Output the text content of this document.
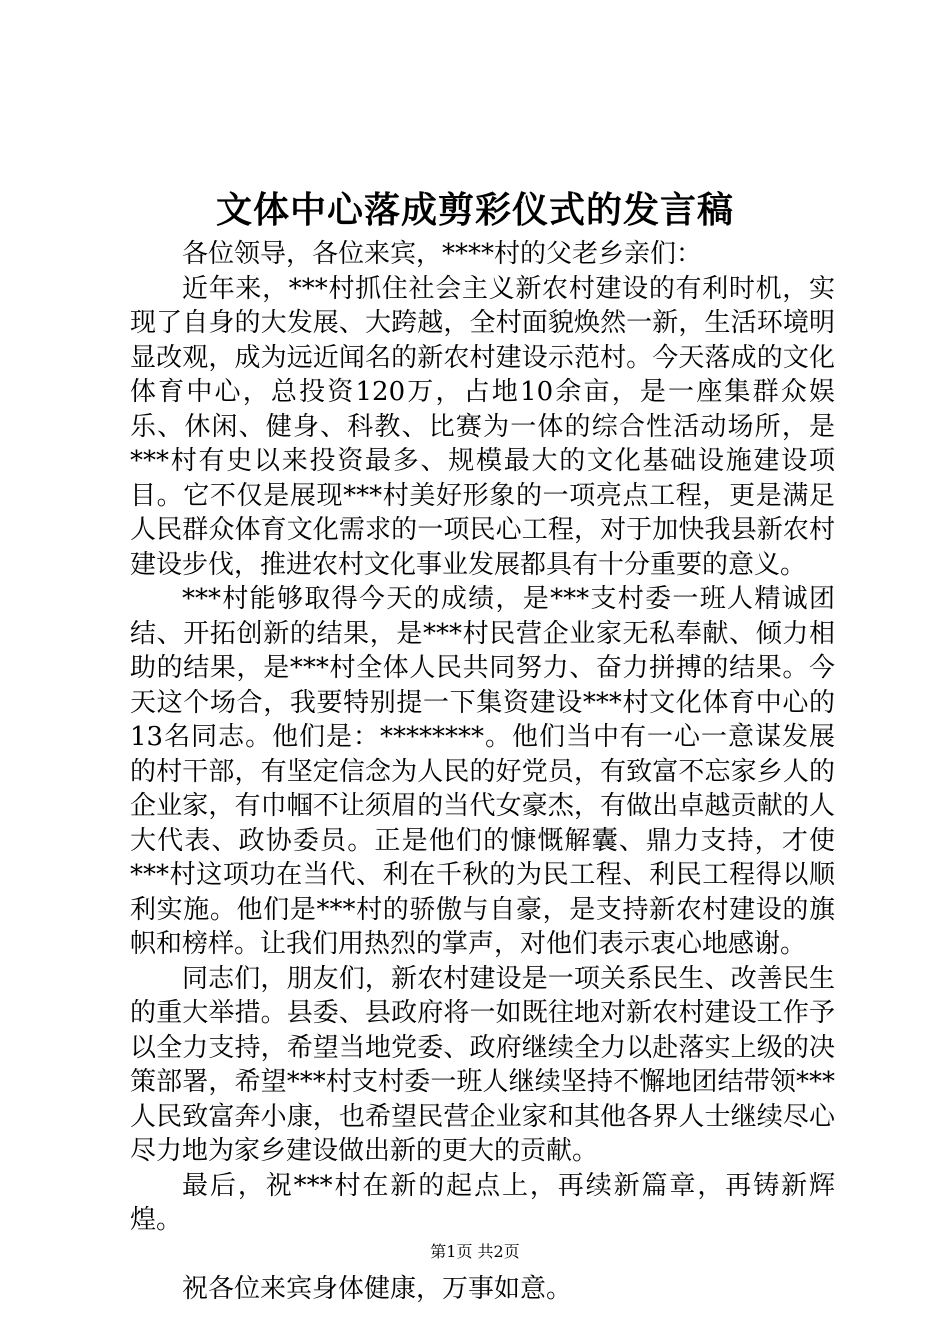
文体中心落成剪彩仪式的发言稿

各位领导，各位来宾，****村的父老乡亲们：

近年来，***村抓住社会主义新农村建设的有利时机，实现了自身的大发展、大跨越，全村面貌焕然一新，生活环境明显改观，成为远近闻名的新农村建设示范村。今天落成的文化体育中心，总投资120万，占地10余亩，是一座集群众娱乐、休闲、健身、科教、比赛为一体的综合性活动场所，是***村有史以来投资最多、规模最大的文化基础设施建设项目。它不仅是展现***村美好形象的一项亮点工程，更是满足人民群众体育文化需求的一项民心工程，对于加快我县新农村建设步伐，推进农村文化事业发展都具有十分重要的意义。

***村能够取得今天的成绩，是***支村委一班人精诚团结、开拓创新的结果，是***村民营企业家无私奉献、倾力相助的结果，是***村全体人民共同努力、奋力拼搏的结果。今天这个场合，我要特别提一下集资建设***村文化体育中心的13名同志。他们是：********。他们当中有一心一意谋发展的村干部，有坚定信念为人民的好党员，有致富不忘家乡人的企业家，有巾帼不让须眉的当代女豪杰，有做出卓越贡献的人大代表、政协委员。正是他们的慷慨解囊、鼎力支持，才使***村这项功在当代、利在千秋的为民工程、利民工程得以顺利实施。他们是***村的骄傲与自豪，是支持新农村建设的旗帜和榜样。让我们用热烈的掌声，对他们表示衷心地感谢。

同志们，朋友们，新农村建设是一项关系民生、改善民生的重大举措。县委、县政府将一如既往地对新农村建设工作予以全力支持，希望当地党委、政府继续全力以赴落实上级的决策部署，希望***村支村委一班人继续坚持不懈地团结带领***人民致富奔小康，也希望民营企业家和其他各界人士继续尽心尽力地为家乡建设做出新的更大的贡献。

最后，祝***村在新的起点上，再续新篇章，再铸新辉煌。

祝各位来宾身体健康，万事如意。

第1页 共2页
